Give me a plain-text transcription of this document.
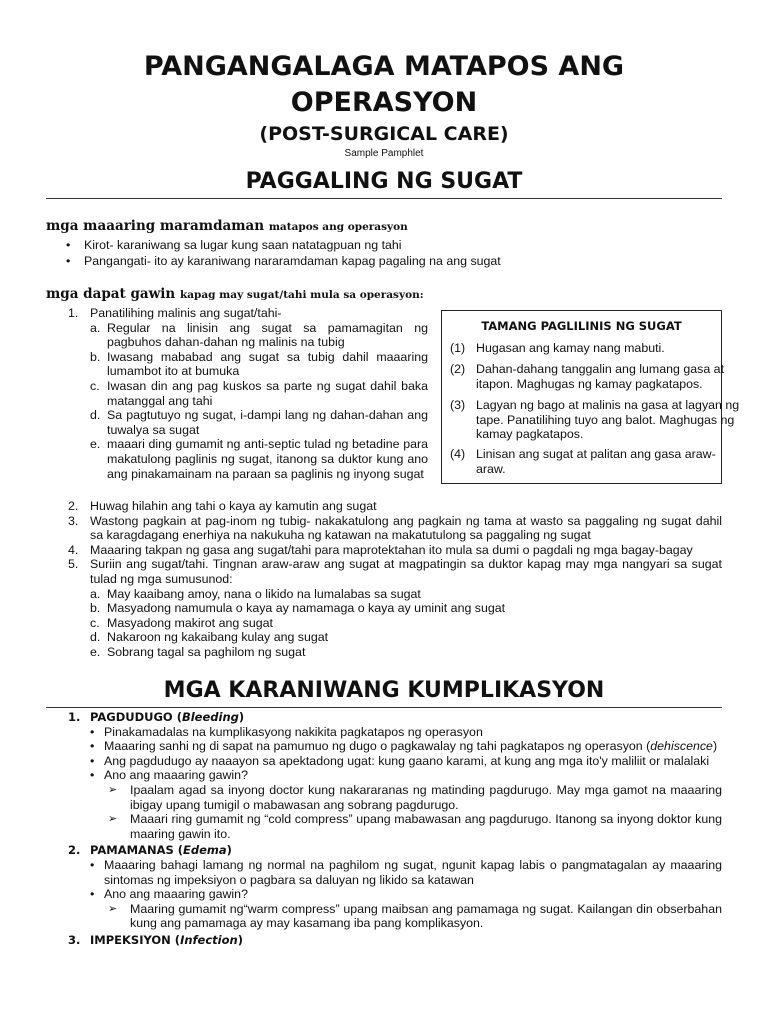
PANGANGALAGA MATAPOS ANG
OPERASYON
(POST-SURGICAL CARE)
Sample Pamphlet
PAGGALING NG SUGAT
mga maaaring maramdaman matapos ang operasyon
• Kirot- karaniwang sa lugar kung saan natatagpuan ng tahi
• Pangangati- ito ay karaniwang nararamdaman kapag pagaling na ang sugat
mga dapat gawin kapag may sugat/tahi mula sa operasyon:
1. Panatilihing malinis ang sugat/tahi-
a. Regular na linisin ang sugat sa pamamagitan ng pagbuhos dahan-dahan ng malinis na tubig
b. Iwasang mababad ang sugat sa tubig dahil maaaring lumambot ito at bumuka
c. Iwasan din ang pag kuskos sa parte ng sugat dahil baka matanggal ang tahi
d. Sa pagtutuyo ng sugat, i-dampi lang ng dahan-dahan ang tuwalya sa sugat
e. maaari ding gumamit ng anti-septic tulad ng betadine para makatulong paglinis ng sugat, itanong sa duktor kung ano ang pinakamainam na paraan sa paglinis ng inyong sugat
TAMANG PAGLILINIS NG SUGAT
(1) Hugasan ang kamay nang mabuti.
(2) Dahan-dahang tanggalin ang lumang gasa at itapon. Maghugas ng kamay pagkatapos.
(3) Lagyan ng bago at malinis na gasa at lagyan ng tape. Panatilihing tuyo ang balot. Maghugas ng kamay pagkatapos.
(4) Linisan ang sugat at palitan ang gasa araw-araw.
2. Huwag hilahin ang tahi o kaya ay kamutin ang sugat
3. Wastong pagkain at pag-inom ng tubig- nakakatulong ang pagkain ng tama at wasto sa paggaling ng sugat dahil sa karagdagang enerhiya na nakukuha ng katawan na makatutulong sa paggaling ng sugat
4. Maaaring takpan ng gasa ang sugat/tahi para maprotektahan ito mula sa dumi o pagdali ng mga bagay-bagay
5. Suriin ang sugat/tahi. Tingnan araw-araw ang sugat at magpatingin sa duktor kapag may mga nangyari sa sugat tulad ng mga sumusunod:
a. May kaaibang amoy, nana o likido na lumalabas sa sugat
b. Masyadong namumula o kaya ay namamaga o kaya ay uminit ang sugat
c. Masyadong makirot ang sugat
d. Nakaroon ng kakaibang kulay ang sugat
e. Sobrang tagal sa paghilom ng sugat
MGA KARANIWANG KUMPLIKASYON
1. PAGDUDUGO (Bleeding)
• Pinakamadalas na kumplikasyong nakikita pagkatapos ng operasyon
• Maaaring sanhi ng di sapat na pamumuo ng dugo o pagkawalay ng tahi pagkatapos ng operasyon (dehiscence)
• Ang pagdudugo ay naaayon sa apektadong ugat: kung gaano karami, at kung ang mga ito'y maliliit or malalaki
• Ano ang maaaring gawin?
➢ Ipaalam agad sa inyong doctor kung nakararanas ng matinding pagdurugo. May mga gamot na maaaring ibigay upang tumigil o mabawasan ang sobrang pagdurugo.
➢ Maaari ring gumamit ng “cold compress” upang mabawasan ang pagdurugo. Itanong sa inyong doktor kung maaring gawin ito.
2. PAMAMANAS (Edema)
• Maaaring bahagi lamang ng normal na paghilom ng sugat, ngunit kapag labis o pangmatagalan ay maaaring sintomas ng impeksiyon o pagbara sa daluyan ng likido sa katawan
• Ano ang maaaring gawin?
➢ Maaring gumamit ng“warm compress” upang maibsan ang pamamaga ng sugat. Kailangan din obserbahan kung ang pamamaga ay may kasamang iba pang komplikasyon.
3. IMPEKSIYON (Infection)
